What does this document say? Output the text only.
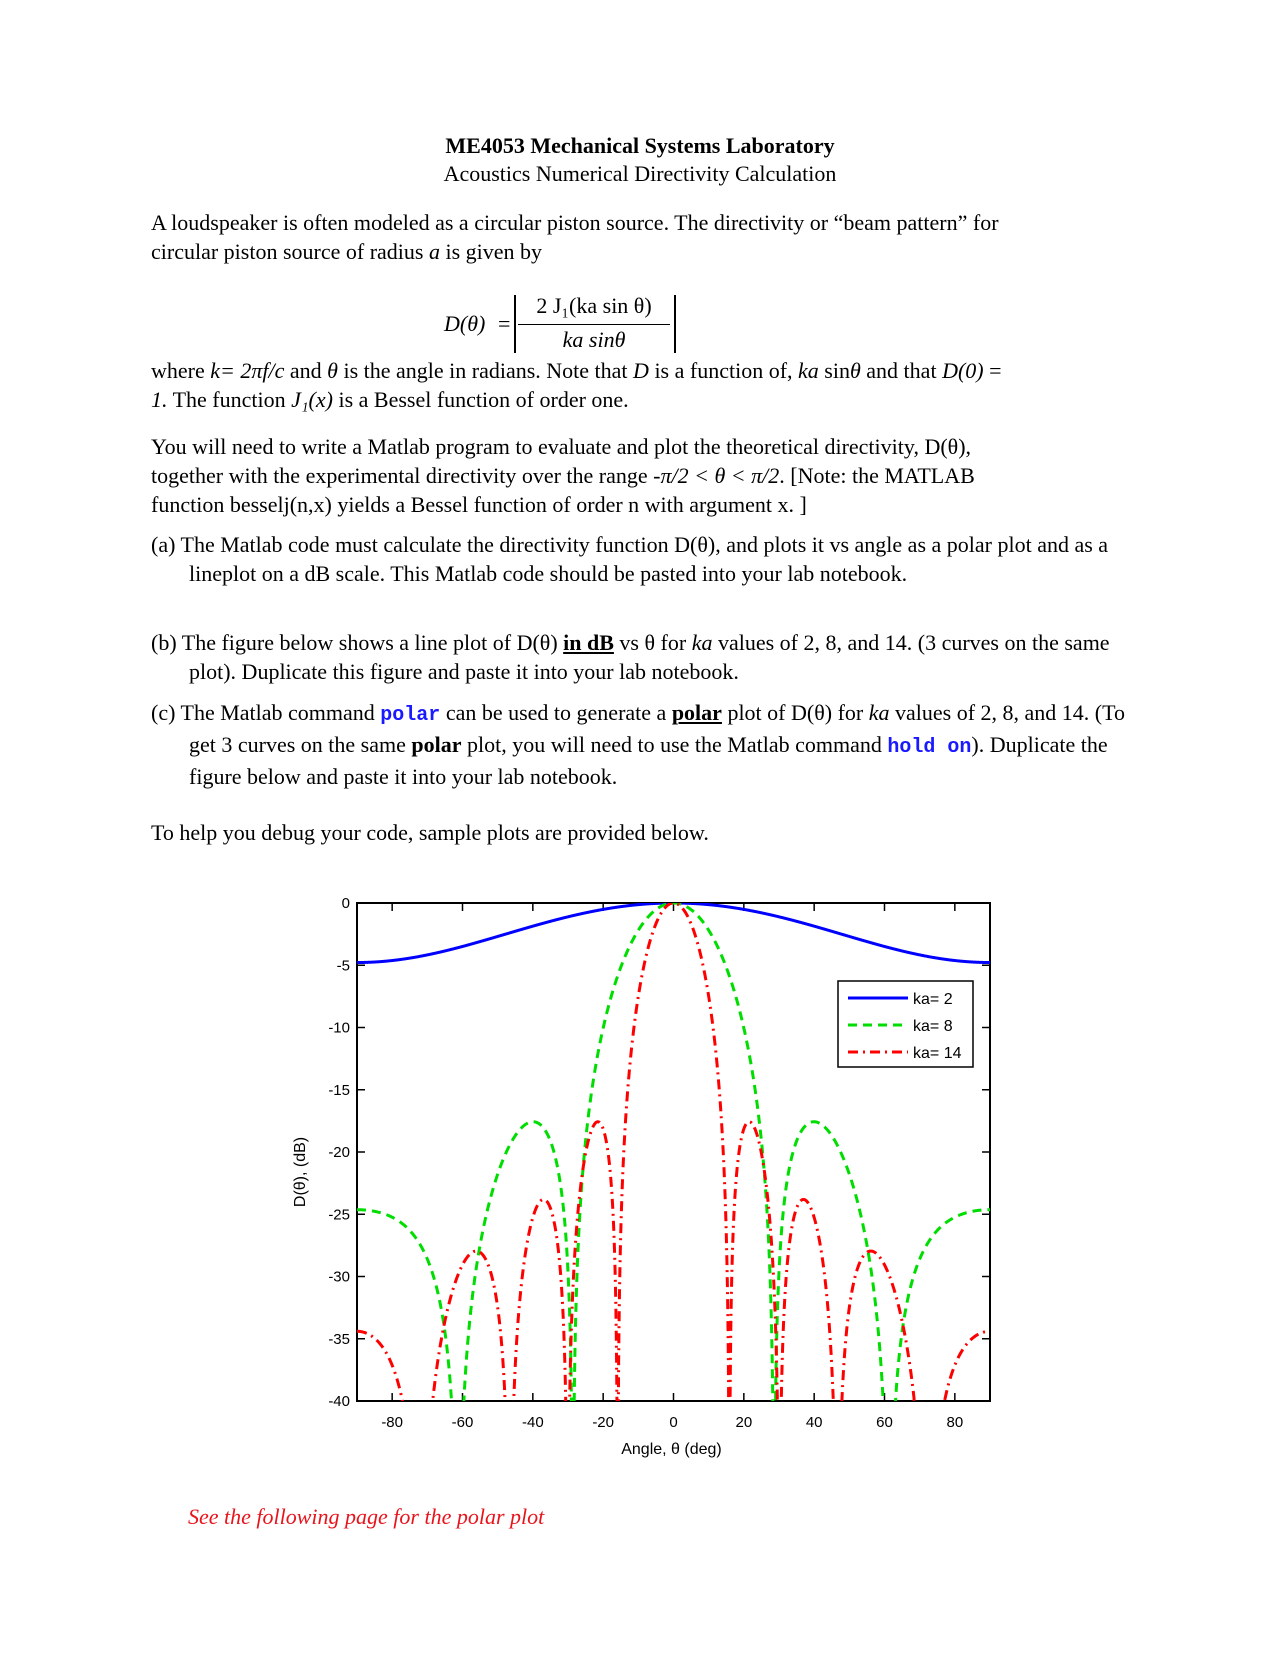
ME4053 Mechanical Systems Laboratory
Acoustics Numerical Directivity Calculation
A loudspeaker is often modeled as a circular piston source. The directivity or “beam pattern” for
circular piston source of radius a is given by
D(θ) =
2 J₁(ka sin θ)
ka sinθ
where k= 2πf/c and θ is the angle in radians. Note that D is a function of, ka sinθ and that D(0) =
1. The function J₁(x) is a Bessel function of order one.
You will need to write a Matlab program to evaluate and plot the theoretical directivity, D(θ),
together with the experimental directivity over the range -π/2 < θ < π/2. [Note: the MATLAB
function besselj(n,x) yields a Bessel function of order n with argument x. ]
(a) The Matlab code must calculate the directivity function D(θ), and plots it vs angle as a polar plot and as a lineplot on a dB scale. This Matlab code should be pasted into your lab notebook.
(b) The figure below shows a line plot of D(θ) in dB vs θ for ka values of 2, 8, and 14. (3 curves on the same plot). Duplicate this figure and paste it into your lab notebook.
(c) The Matlab command polar can be used to generate a polar plot of D(θ) for ka values of 2, 8, and 14. (To get 3 curves on the same polar plot, you will need to use the Matlab command hold on). Duplicate the figure below and paste it into your lab notebook.
To help you debug your code, sample plots are provided below.
-80	-60	-40	-20	0	20	40	60	80
0
-5
-10
-15
-20
-25
-30
-35
-40
Angle, θ (deg)
D(θ), (dB)
ka= 2
ka= 8
ka= 14
See the following page for the polar plot
